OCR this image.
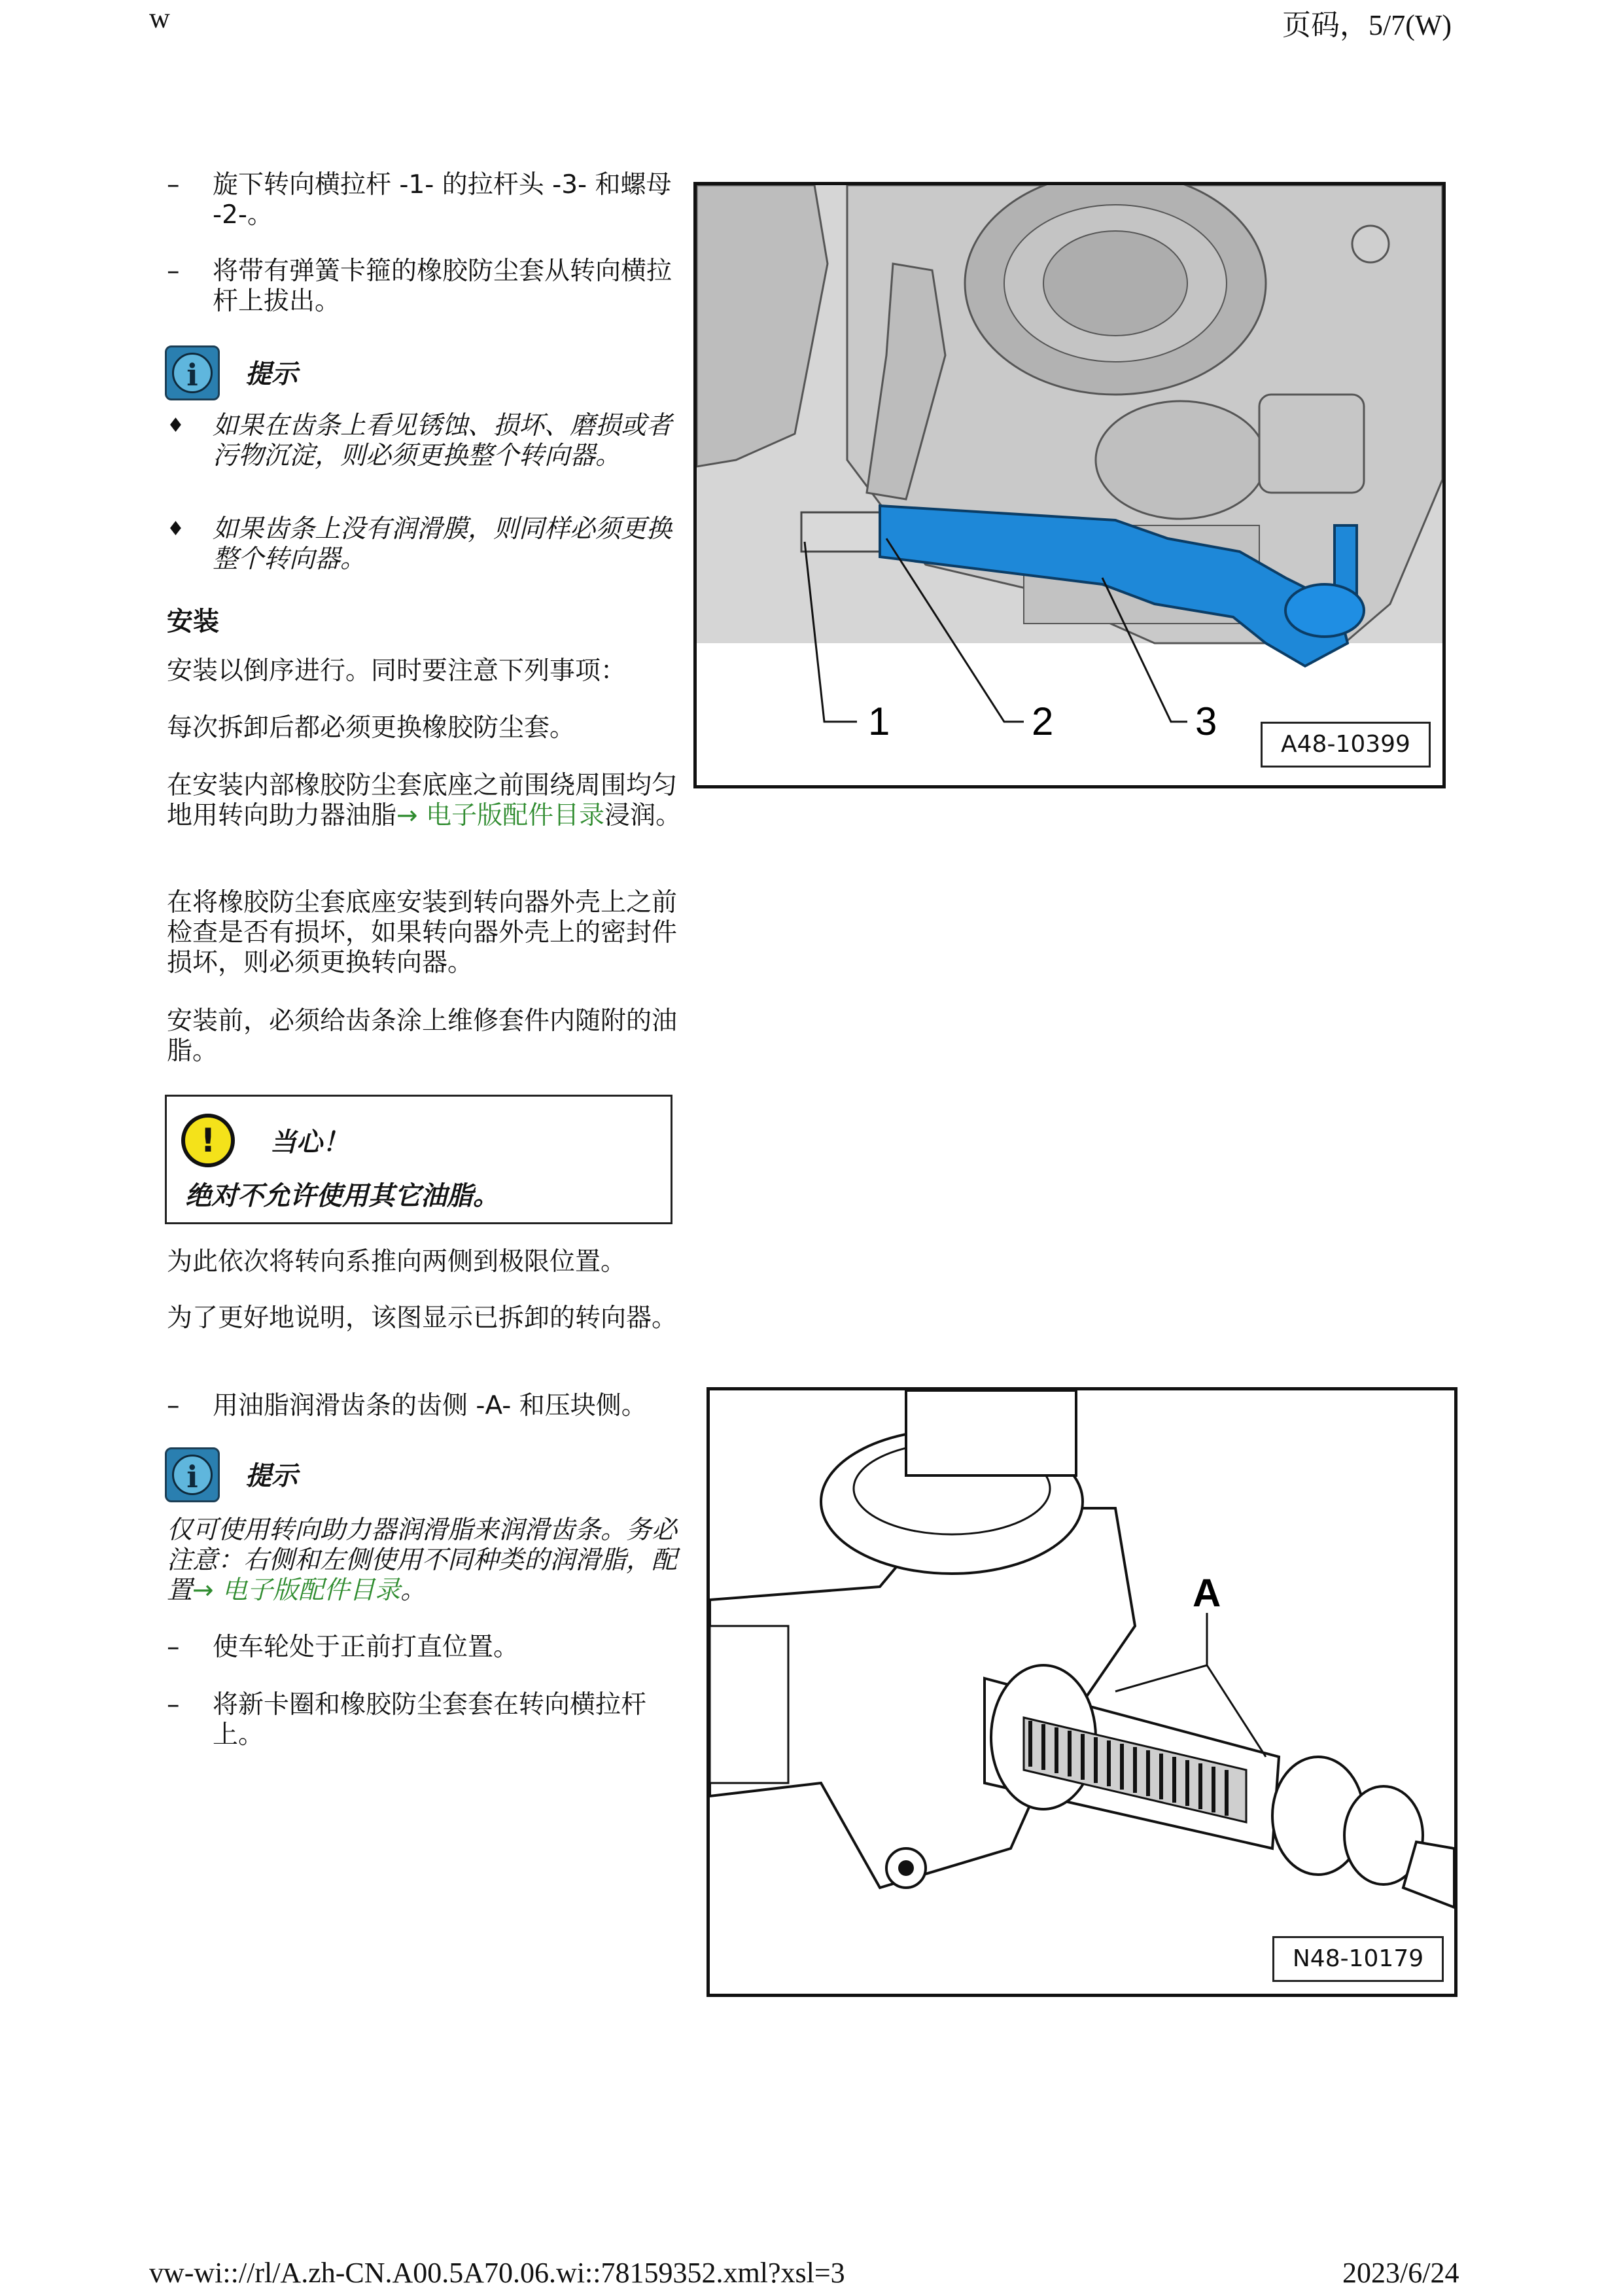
w	页码，5/7(W)
– 旋下转向横拉杆 -1- 的拉杆头 -3- 和螺母 -2-。
– 将带有弹簧卡箍的橡胶防尘套从转向横拉杆上拔出。
i	提示
♦ 如果在齿条上看见锈蚀、损坏、磨损或者污物沉淀，则必须更换整个转向器。
♦ 如果齿条上没有润滑膜，则同样必须更换整个转向器。
安装
安装以倒序进行。同时要注意下列事项：
每次拆卸后都必须更换橡胶防尘套。
在安装内部橡胶防尘套底座之前围绕周围均匀地用转向助力器油脂→ 电子版配件目录浸润。
在将橡胶防尘套底座安装到转向器外壳上之前检查是否有损坏，如果转向器外壳上的密封件损坏，则必须更换转向器。
安装前，必须给齿条涂上维修套件内随附的油脂。
!	当心！
绝对不允许使用其它油脂。
为此依次将转向系推向两侧到极限位置。
为了更好地说明，该图显示已拆卸的转向器。
– 用油脂润滑齿条的齿侧 -A- 和压块侧。
i	提示
仅可使用转向助力器润滑脂来润滑齿条。务必注意：右侧和左侧使用不同种类的润滑脂，配置→ 电子版配件目录。
– 使车轮处于正前打直位置。
– 将新卡圈和橡胶防尘套套在转向横拉杆上。
1	2	3
A48-10399
A
N48-10179
vw-wi:://rl/A.zh-CN.A00.5A70.06.wi::78159352.xml?xsl=3	2023/6/24
